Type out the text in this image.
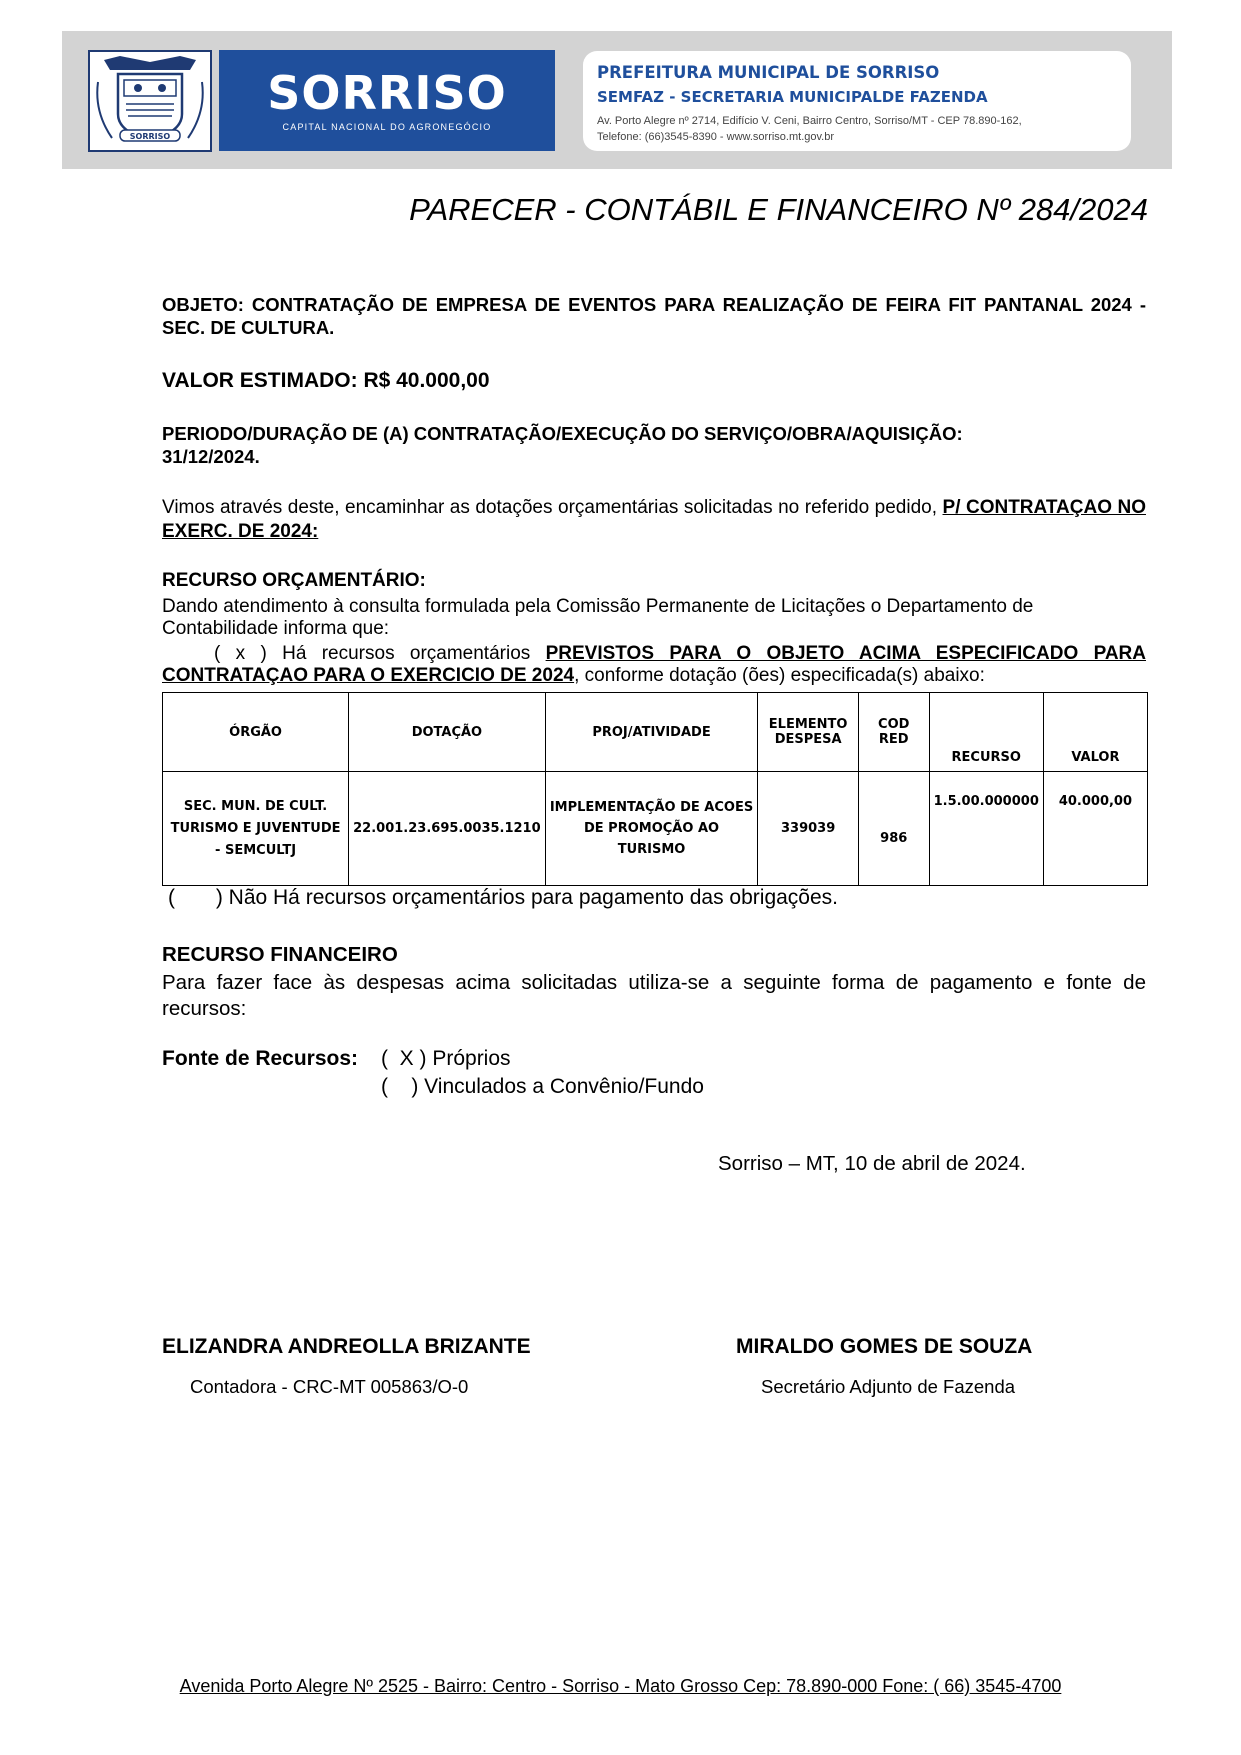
SORRISO
SORRISO
CAPITAL NACIONAL DO AGRONEGÓCIO
PREFEITURA MUNICIPAL DE SORRISO
SEMFAZ - SECRETARIA MUNICIPALDE FAZENDA
Av. Porto Alegre nº 2714, Edifício V. Ceni, Bairro Centro, Sorriso/MT - CEP 78.890-162,
Telefone: (66)3545-8390 - www.sorriso.mt.gov.br
PARECER - CONTÁBIL E FINANCEIRO Nº 284/2024
OBJETO: CONTRATAÇÃO DE EMPRESA DE EVENTOS PARA REALIZAÇÃO DE FEIRA FIT PANTANAL 2024 - SEC. DE CULTURA.
VALOR ESTIMADO: R$ 40.000,00
PERIODO/DURAÇÃO DE (A) CONTRATAÇÃO/EXECUÇÃO DO SERVIÇO/OBRA/AQUISIÇÃO: 31/12/2024.
Vimos através deste, encaminhar as dotações orçamentárias solicitadas no referido pedido, P/ CONTRATAÇAO NO EXERC. DE 2024:
RECURSO ORÇAMENTÁRIO:
Dando atendimento à consulta formulada pela Comissão Permanente de Licitações o Departamento de Contabilidade informa que:
( x ) Há recursos orçamentários PREVISTOS PARA O OBJETO ACIMA ESPECIFICADO PARA CONTRATAÇAO PARA O EXERCICIO DE 2024, conforme dotação (ões) especificada(s) abaixo:
ÓRGÃO	DOTAÇÃO	PROJ/ATIVIDADE	ELEMENTO DESPESA	COD RED	RECURSO	VALOR
SEC. MUN. DE CULT. TURISMO E JUVENTUDE - SEMCULTJ	22.001.23.695.0035.1210	IMPLEMENTAÇÃO DE ACOES DE PROMOÇÃO AO TURISMO	339039	986	1.5.00.000000	40.000,00
(       ) Não Há recursos orçamentários para pagamento das obrigações.
RECURSO FINANCEIRO
Para fazer face às despesas acima solicitadas utiliza-se a seguinte forma de pagamento e fonte de recursos:
Fonte de Recursos: (  X ) Próprios
(    ) Vinculados a Convênio/Fundo
Sorriso – MT, 10 de abril de 2024.
ELIZANDRA ANDREOLLA BRIZANTE
Contadora - CRC-MT 005863/O-0
MIRALDO GOMES DE SOUZA
Secretário Adjunto de Fazenda
Avenida Porto Alegre Nº 2525 - Bairro: Centro - Sorriso - Mato Grosso Cep: 78.890-000 Fone: ( 66) 3545-4700
